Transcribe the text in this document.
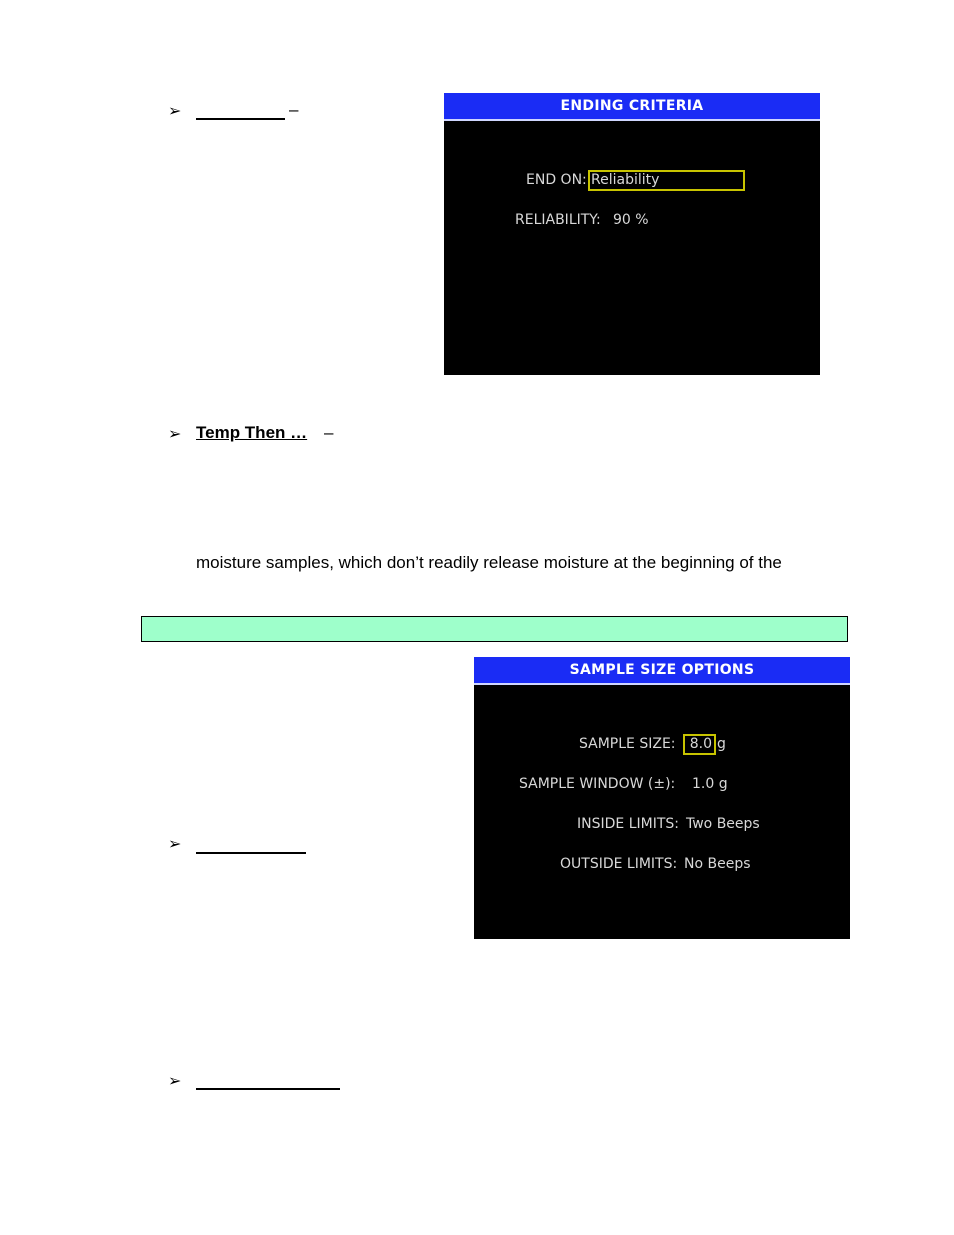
➢	–	ENDING CRITERIA
END ON: Reliability
RELIABILITY: 90 %
➢ Temp Then … –
moisture samples, which don’t readily release moisture at the beginning of the
SAMPLE SIZE OPTIONS
SAMPLE SIZE:	8.0 g
SAMPLE WINDOW (±): 1.0 g
INSIDE LIMITS: Two Beeps
OUTSIDE LIMITS: No Beeps
➢
➢
